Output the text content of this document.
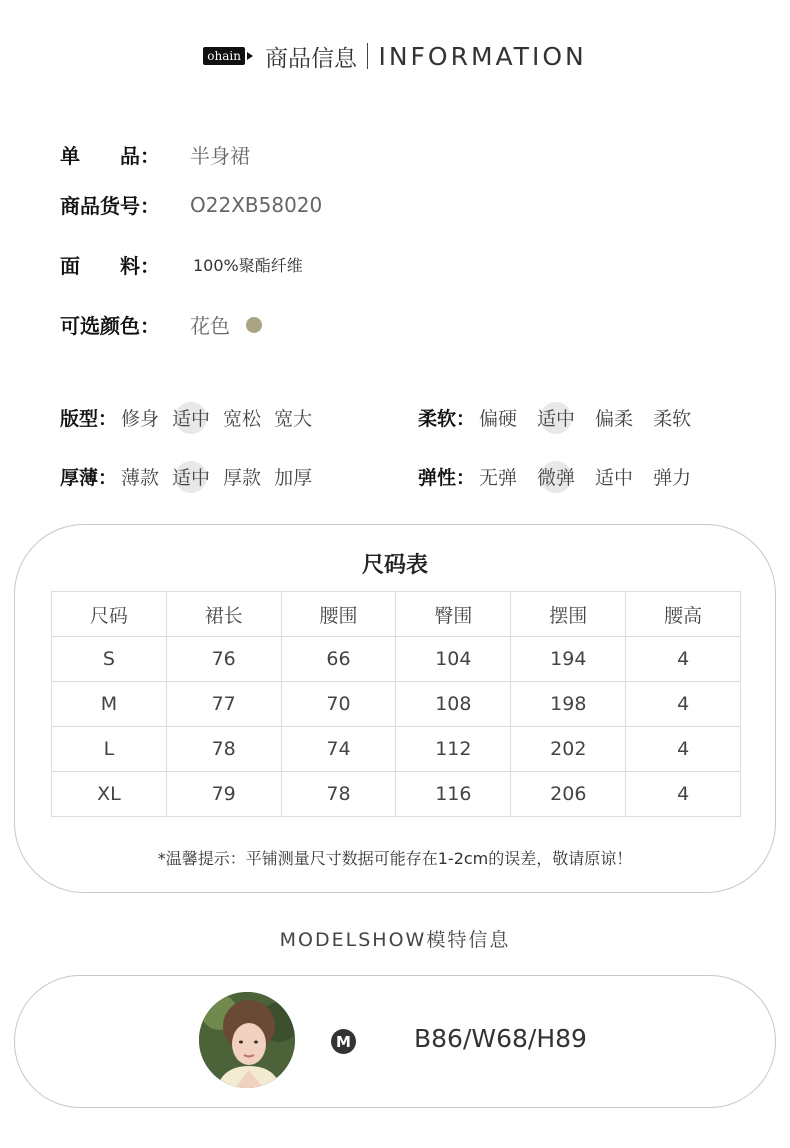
ohain 商品信息 INFORMATION
单　　品：	半身裙
商品货号：	O22XB58020
面　　料：	100%聚酯纤维
可选颜色：	花色
版型： 修身 适中 宽松 宽大
厚薄： 薄款 适中 厚款 加厚
柔软： 偏硬 适中 偏柔 柔软
弹性： 无弹 微弹 适中 弹力
尺码表
尺码	裙长	腰围	臀围	摆围	腰高
S	76	66	104	194	4
M	77	70	108	198	4
L	78	74	112	202	4
XL	79	78	116	206	4
*温馨提示：平铺测量尺寸数据可能存在1-2cm的误差，敬请原谅！
MODELSHOW模特信息
M	B86/W68/H89
